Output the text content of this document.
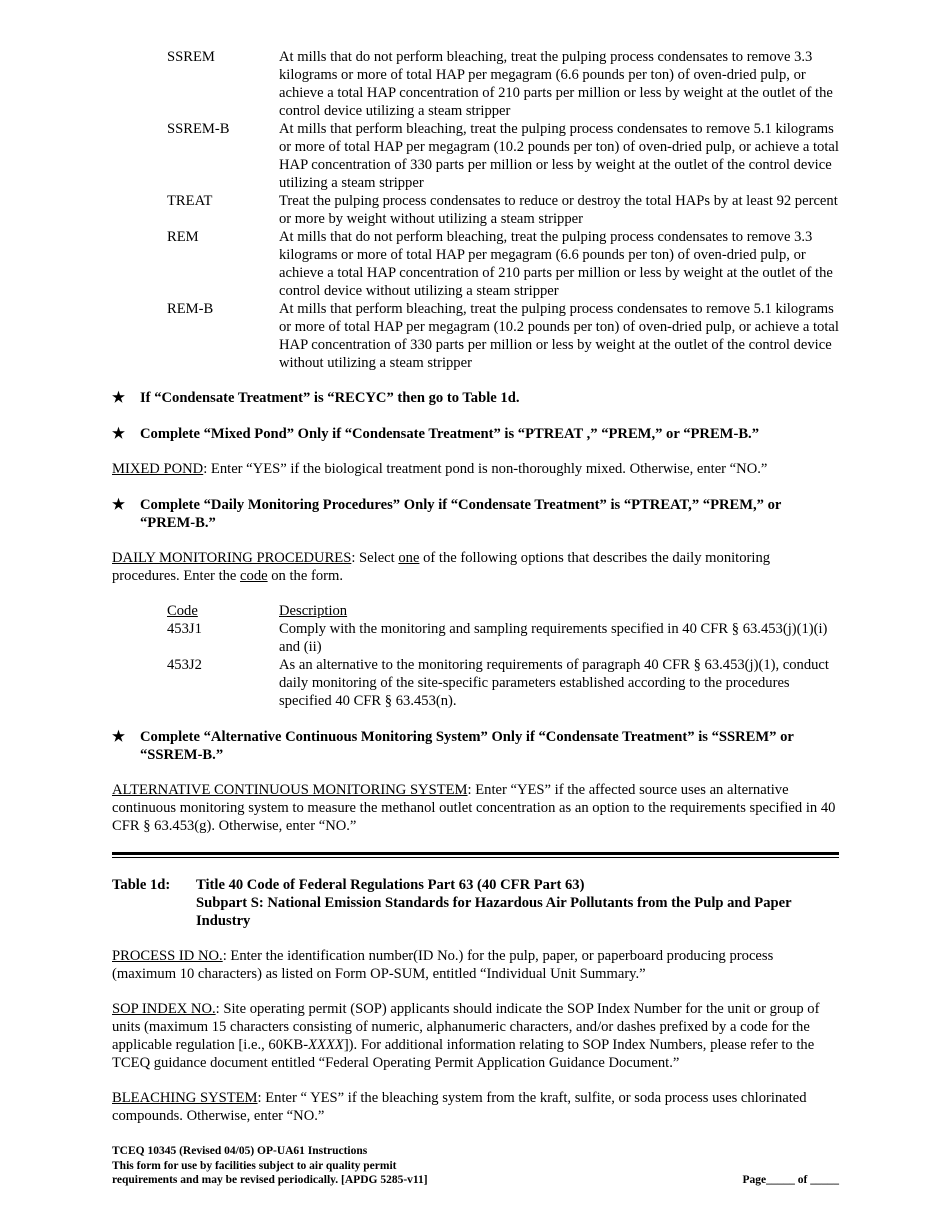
SSREM	At mills that do not perform bleaching, treat the pulping process condensates to remove 3.3 kilograms or more of total HAP per megagram (6.6 pounds per ton) of oven-dried pulp, or achieve a total HAP concentration of 210 parts per million or less by weight at the outlet of the control device utilizing a steam stripper
SSREM-B	At mills that perform bleaching, treat the pulping process condensates to remove 5.1 kilograms or more of total HAP per megagram (10.2 pounds per ton) of oven-dried pulp, or achieve a total HAP concentration of 330 parts per million or less by weight at the outlet of the control device utilizing a steam stripper
TREAT	Treat the pulping process condensates to reduce or destroy the total HAPs by at least 92 percent or more by weight without utilizing a steam stripper
REM	At mills that do not perform bleaching, treat the pulping process condensates to remove 3.3 kilograms or more of total HAP per megagram (6.6 pounds per ton) of oven-dried pulp, or achieve a total HAP concentration of 210 parts per million or less by weight at the outlet of the control device without utilizing a steam stripper
REM-B	At mills that perform bleaching, treat the pulping process condensates to remove 5.1 kilograms or more of total HAP per megagram (10.2 pounds per ton) of oven-dried pulp, or achieve a total HAP concentration of 330 parts per million or less by weight at the outlet of the control device without utilizing a steam stripper
★	If “Condensate Treatment” is “RECYC” then go to Table 1d.
★	Complete “Mixed Pond” Only if “Condensate Treatment” is “PTREAT ,” “PREM,” or “PREM-B.”
MIXED POND: Enter “YES” if the biological treatment pond is non-thoroughly mixed. Otherwise, enter “NO.”
★	Complete “Daily Monitoring Procedures” Only if “Condensate Treatment” is “PTREAT,” “PREM,” or “PREM-B.”
DAILY MONITORING PROCEDURES: Select one of the following options that describes the daily monitoring procedures. Enter the code on the form.
Code	Description
453J1	Comply with the monitoring and sampling requirements specified in 40 CFR § 63.453(j)(1)(i) and (ii)
453J2	As an alternative to the monitoring requirements of paragraph 40 CFR § 63.453(j)(1), conduct daily monitoring of the site-specific parameters established according to the procedures specified 40 CFR § 63.453(n).
★	Complete “Alternative Continuous Monitoring System” Only if “Condensate Treatment” is “SSREM” or “SSREM-B.”
ALTERNATIVE CONTINUOUS MONITORING SYSTEM: Enter “YES” if the affected source uses an alternative continuous monitoring system to measure the methanol outlet concentration as an option to the requirements specified in 40 CFR § 63.453(g). Otherwise, enter “NO.”
Table 1d:	Title 40 Code of Federal Regulations Part 63 (40 CFR Part 63)
Subpart S: National Emission Standards for Hazardous Air Pollutants from the Pulp and Paper Industry
PROCESS ID NO.: Enter the identification number(ID No.) for the pulp, paper, or paperboard producing process (maximum 10 characters) as listed on Form OP-SUM, entitled “Individual Unit Summary.”
SOP INDEX NO.: Site operating permit (SOP) applicants should indicate the SOP Index Number for the unit or group of units (maximum 15 characters consisting of numeric, alphanumeric characters, and/or dashes prefixed by a code for the applicable regulation [i.e., 60KB-XXXX]). For additional information relating to SOP Index Numbers, please refer to the TCEQ guidance document entitled “Federal Operating Permit Application Guidance Document.”
BLEACHING SYSTEM: Enter “ YES” if the bleaching system from the kraft, sulfite, or soda process uses chlorinated compounds. Otherwise, enter “NO.”
TCEQ 10345 (Revised 04/05) OP-UA61 Instructions
This form for use by facilities subject to air quality permit
requirements and may be revised periodically. [APDG 5285-v11]	Page_____ of _____
